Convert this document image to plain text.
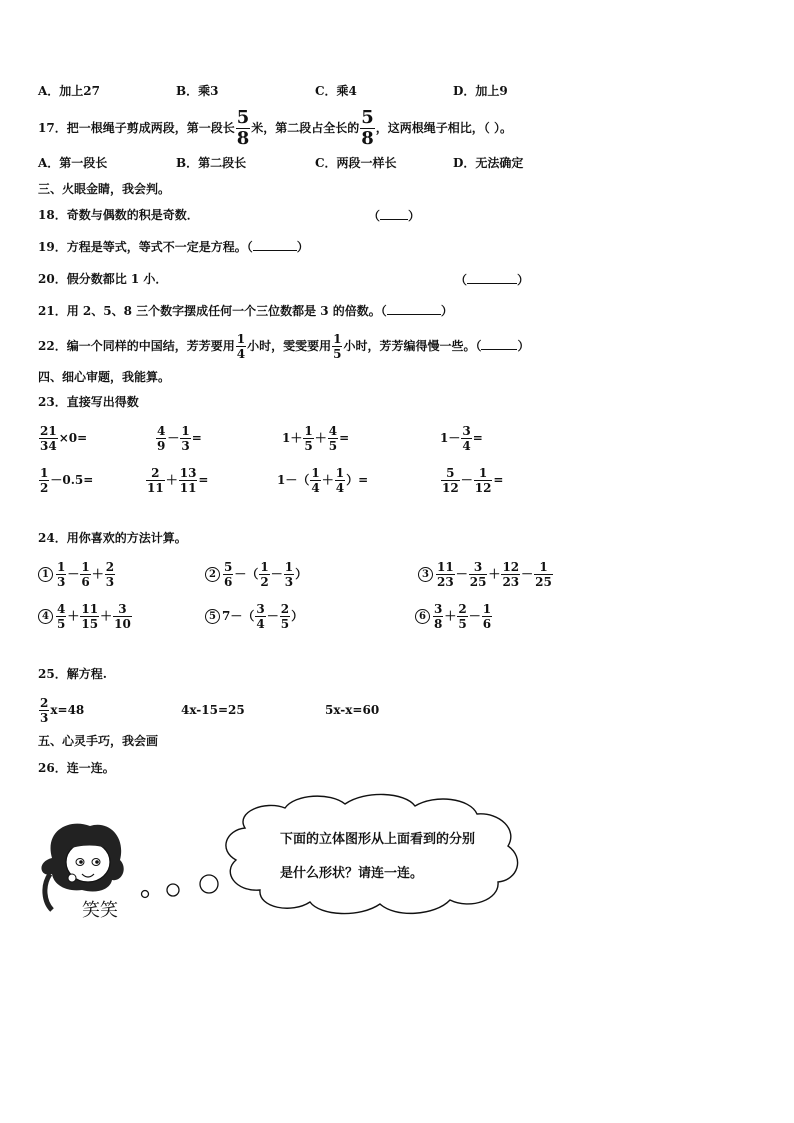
A．加上27	B．乘3	C．乘4	D．加上9
17．把一根绳子剪成两段，第一段长 $\frac{5}{8}$ 米，第二段占全长的 $\frac{5}{8}$ ，这两根绳子相比，（ ）。
A．第一段长	B．第二段长	C．两段一样长	D．无法确定
三、火眼金睛，我会判。
18．奇数与偶数的积是奇数．	（ ）
19．方程是等式，等式不一定是方程。（	）
20．假分数都比 1 小．	（	）
21．用 2、5、8 三个数字摆成任何一个三位数都是 3 的倍数。（	）
22．编一个同样的中国结，芳芳要用 $\frac{1}{4}$ 小时，雯雯要用 $\frac{1}{5}$ 小时，芳芳编得慢一些。（	）
四、细心审题，我能算。
23．直接写出得数
$\frac{21}{34} \times 0=$	$\frac{4}{9} - \frac{1}{3}$ =	$1+ \frac{1}{5} + \frac{4}{5}$ =	$1- \frac{3}{4}$ =
$\frac{1}{2} -0.5=$	$\frac{2}{11} + \frac{13}{11}$ =	$1-( \frac{1}{4} + \frac{1}{4}$ ）=	$\frac{5}{12} - \frac{1}{12}$ =
24．用你喜欢的方法计算。
$1 \frac{1}{3} - \frac{1}{6} + \frac{2}{3}$	$2 \frac{5}{6}$ －（ $\frac{1}{2} - \frac{1}{3}$ ）	$3 \frac{11}{23} - \frac{3}{25} + \frac{12}{23} - \frac{1}{25}$
$4 \frac{4}{5} + \frac{11}{15} + \frac{3}{10}$	5 $7-( \frac{3}{4} - \frac{2}{5}$ ）	$6 \frac{3}{8} + \frac{2}{5} - \frac{1}{6}$
25．解方程.
$\frac{2}{3} x=48$	4x-15=25	5x-x=60
五、心灵手巧，我会画
26．连一连。
下面的立体图形从上面看到的分别
是什么形状？请连一连。
笑笑
